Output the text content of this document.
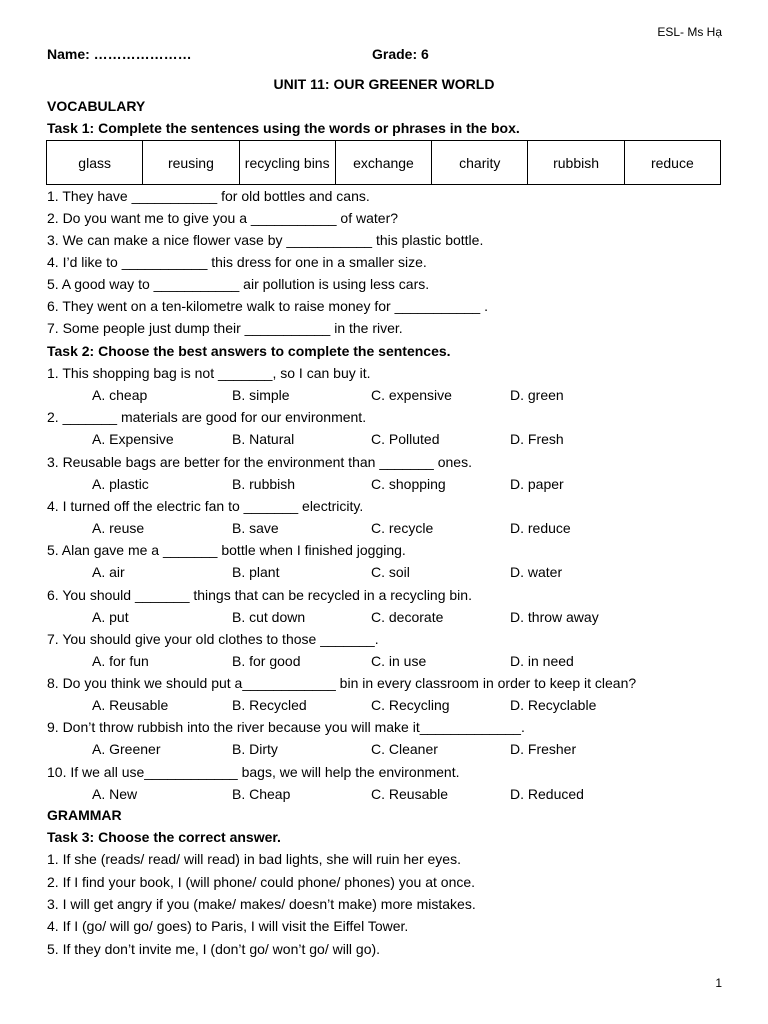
ESL- Ms Hạ
Name: …………………	Grade: 6
UNIT 11: OUR GREENER WORLD
VOCABULARY
Task 1: Complete the sentences using the words or phrases in the box.
glass	reusing	recycling bins	exchange	charity	rubbish	reduce
1. They have ___________ for old bottles and cans.
2. Do you want me to give you a ___________ of water?
3. We can make a nice flower vase by ___________ this plastic bottle.
4. I’d like to ___________ this dress for one in a smaller size.
5. A good way to ___________ air pollution is using less cars.
6. They went on a ten-kilometre walk to raise money for ___________ .
7. Some people just dump their ___________ in the river.
Task 2: Choose the best answers to complete the sentences.
1. This shopping bag is not _______, so I can buy it.
A. cheap	B. simple	C. expensive	D. green
2. _______ materials are good for our environment.
A. Expensive	B. Natural	C. Polluted	D. Fresh
3. Reusable bags are better for the environment than _______ ones.
A. plastic	B. rubbish	C. shopping	D. paper
4. I turned off the electric fan to _______ electricity.
A. reuse	B. save	C. recycle	D. reduce
5. Alan gave me a _______ bottle when I finished jogging.
A. air	B. plant	C. soil	D. water
6. You should _______ things that can be recycled in a recycling bin.
A. put	B. cut down	C. decorate	D. throw away
7. You should give your old clothes to those _______.
A. for fun	B. for good	C. in use	D. in need
8. Do you think we should put a____________ bin in every classroom in order to keep it clean?
A. Reusable	B. Recycled	C. Recycling	D. Recyclable
9. Don’t throw rubbish into the river because you will make it_____________.
A. Greener	B. Dirty	C. Cleaner	D. Fresher
10. If we all use____________ bags, we will help the environment.
A. New	B. Cheap	C. Reusable	D. Reduced
GRAMMAR
Task 3: Choose the correct answer.
1. If she (reads/ read/ will read) in bad lights, she will ruin her eyes.
2. If I find your book, I (will phone/ could phone/ phones) you at once.
3. I will get angry if you (make/ makes/ doesn’t make) more mistakes.
4. If I (go/ will go/ goes) to Paris, I will visit the Eiffel Tower.
5. If they don’t invite me, I (don’t go/ won’t go/ will go).
1
